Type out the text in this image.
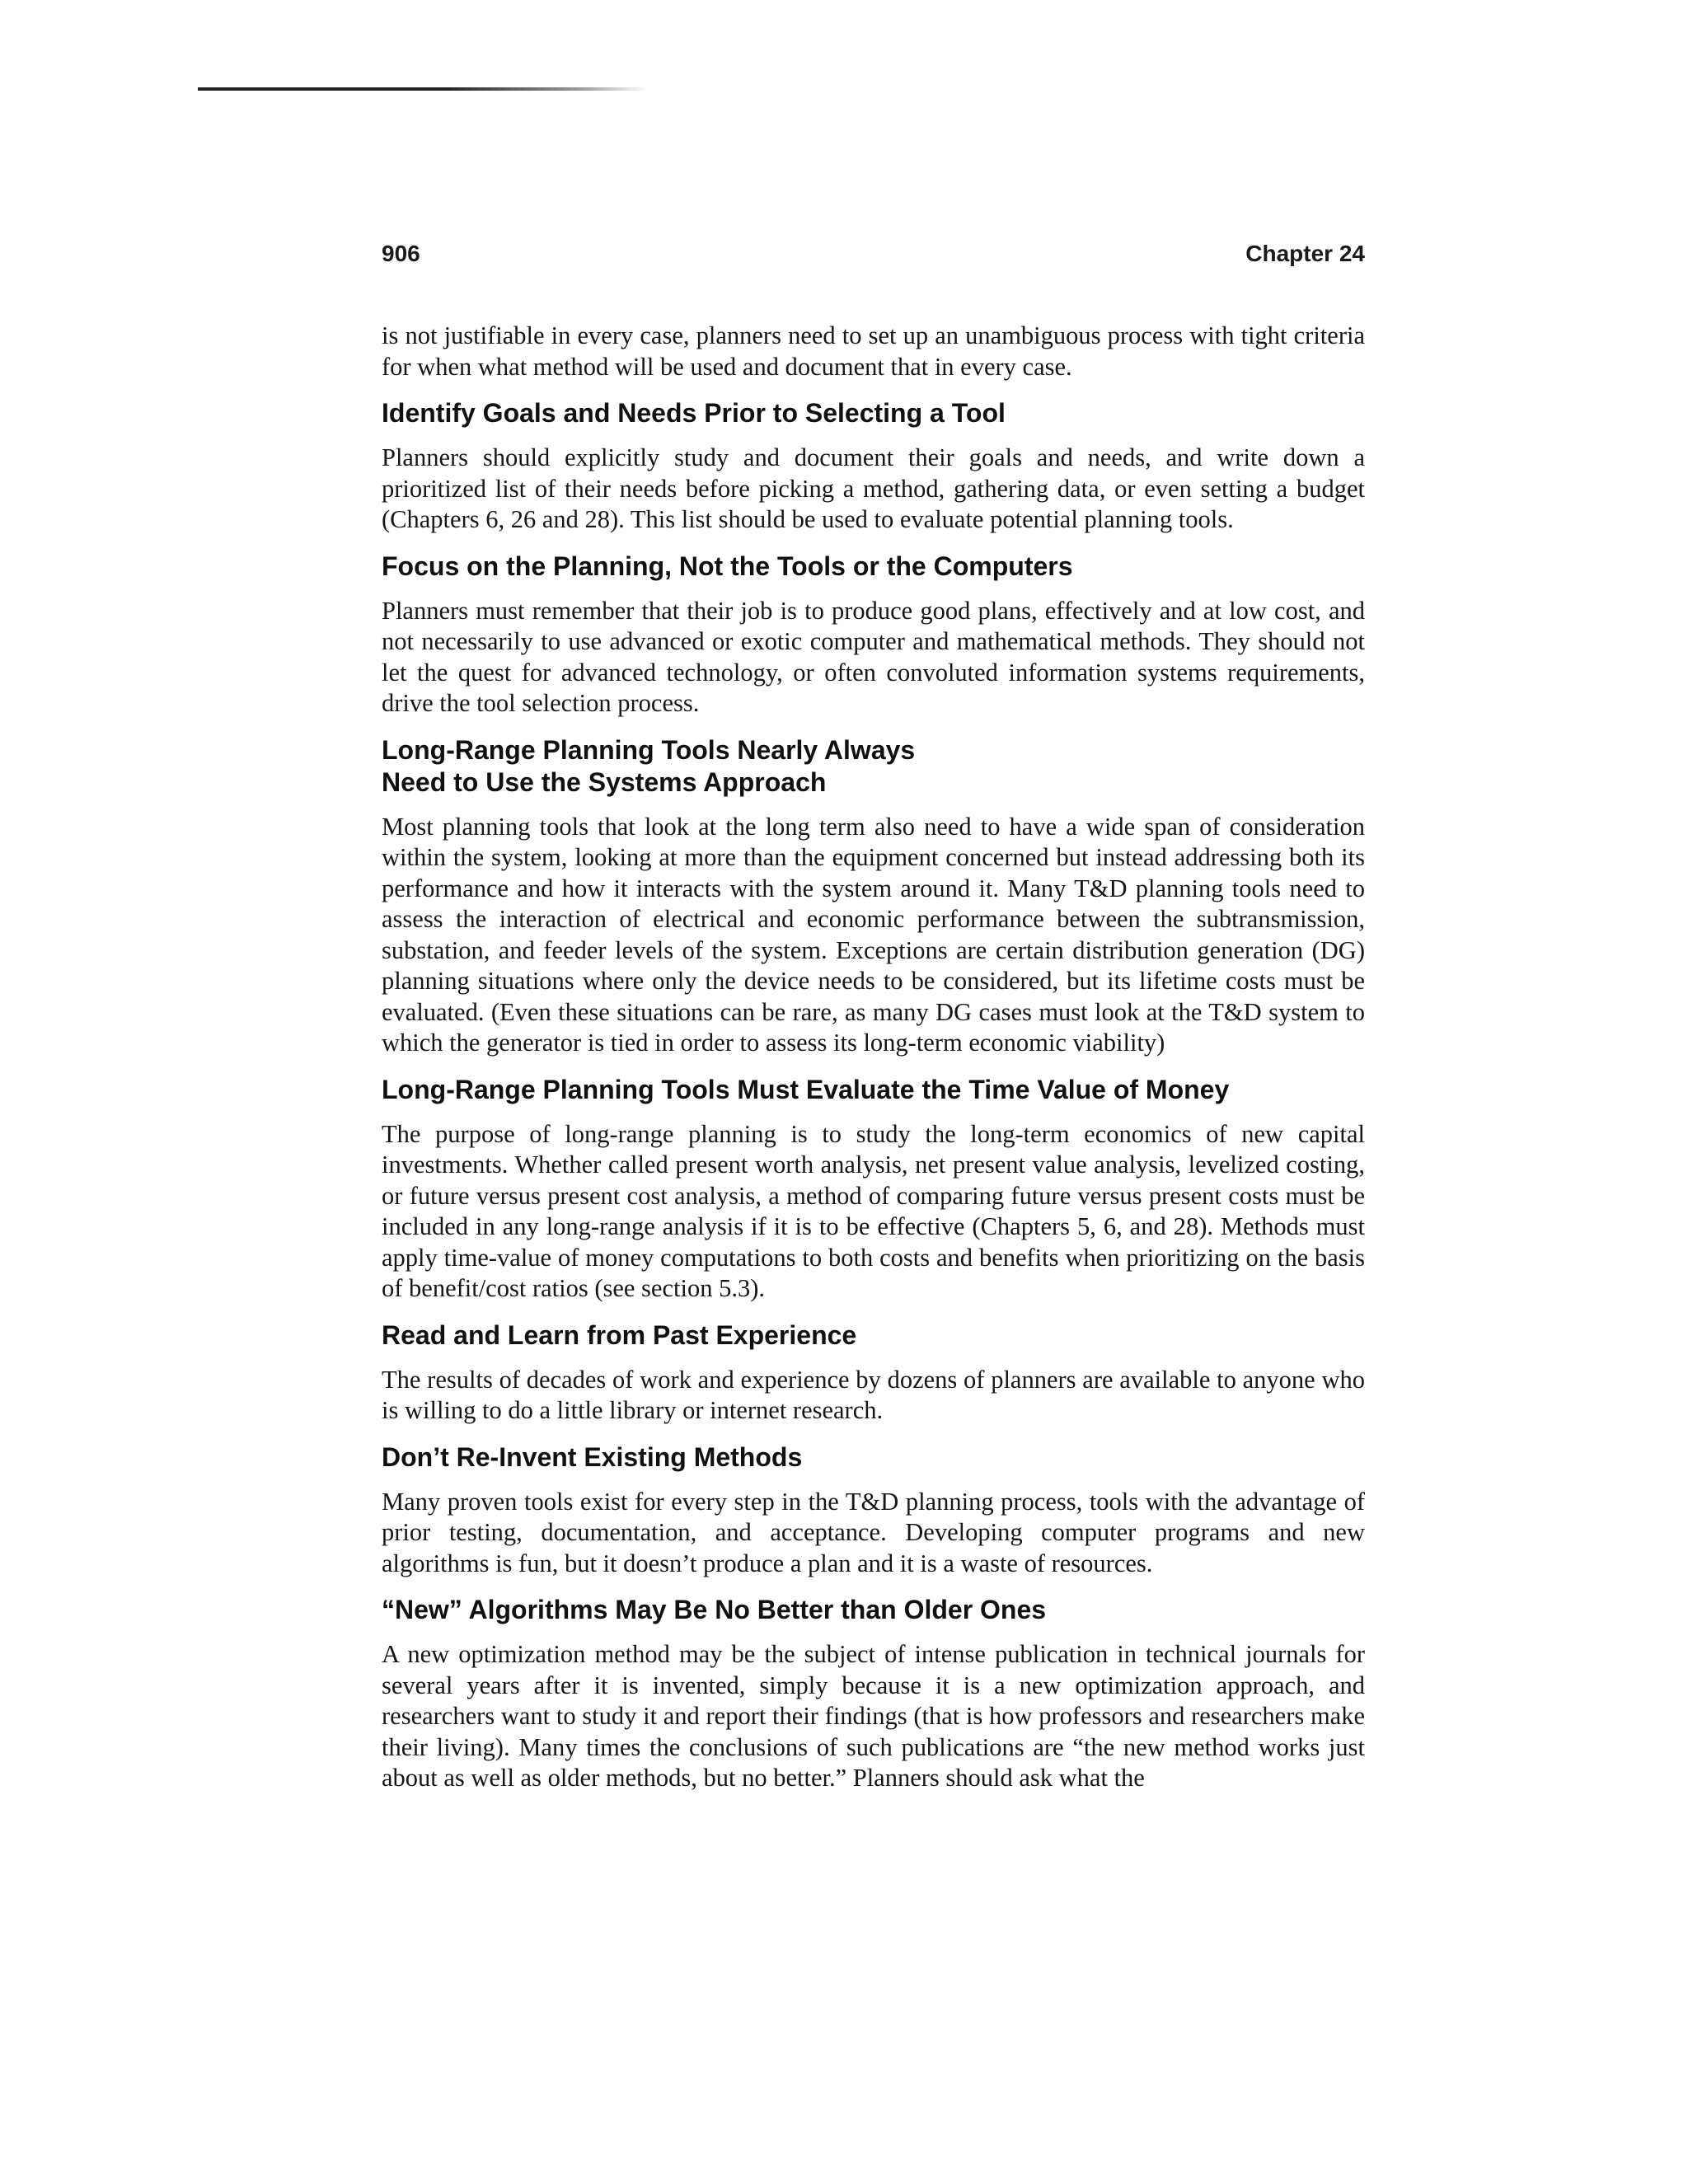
906	Chapter 24

is not justifiable in every case, planners need to set up an unambiguous process with tight criteria for when what method will be used and document that in every case.

Identify Goals and Needs Prior to Selecting a Tool

Planners should explicitly study and document their goals and needs, and write down a prioritized list of their needs before picking a method, gathering data, or even setting a budget (Chapters 6, 26 and 28). This list should be used to evaluate potential planning tools.

Focus on the Planning, Not the Tools or the Computers

Planners must remember that their job is to produce good plans, effectively and at low cost, and not necessarily to use advanced or exotic computer and mathematical methods. They should not let the quest for advanced technology, or often convoluted information systems requirements, drive the tool selection process.

Long-Range Planning Tools Nearly Always
Need to Use the Systems Approach

Most planning tools that look at the long term also need to have a wide span of consideration within the system, looking at more than the equipment concerned but instead addressing both its performance and how it interacts with the system around it. Many T&D planning tools need to assess the interaction of electrical and economic performance between the subtransmission, substation, and feeder levels of the system. Exceptions are certain distribution generation (DG) planning situations where only the device needs to be considered, but its lifetime costs must be evaluated. (Even these situations can be rare, as many DG cases must look at the T&D system to which the generator is tied in order to assess its long-term economic viability)

Long-Range Planning Tools Must Evaluate the Time Value of Money

The purpose of long-range planning is to study the long-term economics of new capital investments. Whether called present worth analysis, net present value analysis, levelized costing, or future versus present cost analysis, a method of comparing future versus present costs must be included in any long-range analysis if it is to be effective (Chapters 5, 6, and 28). Methods must apply time-value of money computations to both costs and benefits when prioritizing on the basis of benefit/cost ratios (see section 5.3).

Read and Learn from Past Experience

The results of decades of work and experience by dozens of planners are available to anyone who is willing to do a little library or internet research.

Don’t Re-Invent Existing Methods

Many proven tools exist for every step in the T&D planning process, tools with the advantage of prior testing, documentation, and acceptance. Developing computer programs and new algorithms is fun, but it doesn’t produce a plan and it is a waste of resources.

“New” Algorithms May Be No Better than Older Ones

A new optimization method may be the subject of intense publication in technical journals for several years after it is invented, simply because it is a new optimization approach, and researchers want to study it and report their findings (that is how professors and researchers make their living). Many times the conclusions of such publications are “the new method works just about as well as older methods, but no better.” Planners should ask what the
